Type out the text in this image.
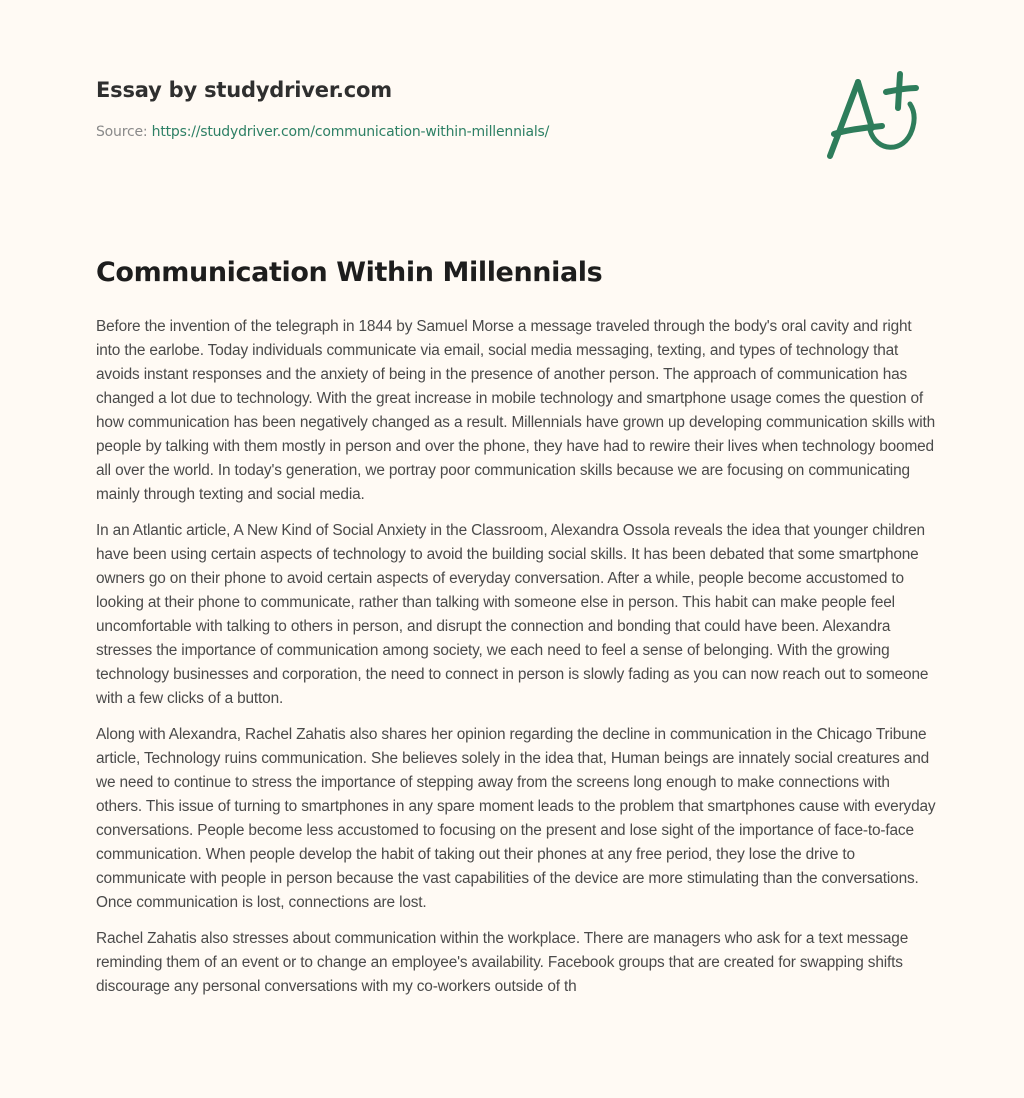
Essay by studydriver.com
Source: https://studydriver.com/communication-within-millennials/
Communication Within Millennials

Before the invention of the telegraph in 1844 by Samuel Morse a message traveled through the body's oral cavity and right into the earlobe. Today individuals communicate via email, social media messaging, texting, and types of technology that avoids instant responses and the anxiety of being in the presence of another person. The approach of communication has changed a lot due to technology. With the great increase in mobile technology and smartphone usage comes the question of how communication has been negatively changed as a result. Millennials have grown up developing communication skills with people by talking with them mostly in person and over the phone, they have had to rewire their lives when technology boomed all over the world. In today's generation, we portray poor communication skills because we are focusing on communicating mainly through texting and social media.

In an Atlantic article, A New Kind of Social Anxiety in the Classroom, Alexandra Ossola reveals the idea that younger children have been using certain aspects of technology to avoid the building social skills. It has been debated that some smartphone owners go on their phone to avoid certain aspects of everyday conversation. After a while, people become accustomed to looking at their phone to communicate, rather than talking with someone else in person. This habit can make people feel uncomfortable with talking to others in person, and disrupt the connection and bonding that could have been. Alexandra stresses the importance of communication among society, we each need to feel a sense of belonging. With the growing technology businesses and corporation, the need to connect in person is slowly fading as you can now reach out to someone with a few clicks of a button.

Along with Alexandra, Rachel Zahatis also shares her opinion regarding the decline in communication in the Chicago Tribune article, Technology ruins communication. She believes solely in the idea that, Human beings are innately social creatures and we need to continue to stress the importance of stepping away from the screens long enough to make connections with others. This issue of turning to smartphones in any spare moment leads to the problem that smartphones cause with everyday conversations. People become less accustomed to focusing on the present and lose sight of the importance of face-to-face communication. When people develop the habit of taking out their phones at any free period, they lose the drive to communicate with people in person because the vast capabilities of the device are more stimulating than the conversations. Once communication is lost, connections are lost.

Rachel Zahatis also stresses about communication within the workplace. There are managers who ask for a text message reminding them of an event or to change an employee's availability. Facebook groups that are created for swapping shifts discourage any personal conversations with my co-workers outside of th
